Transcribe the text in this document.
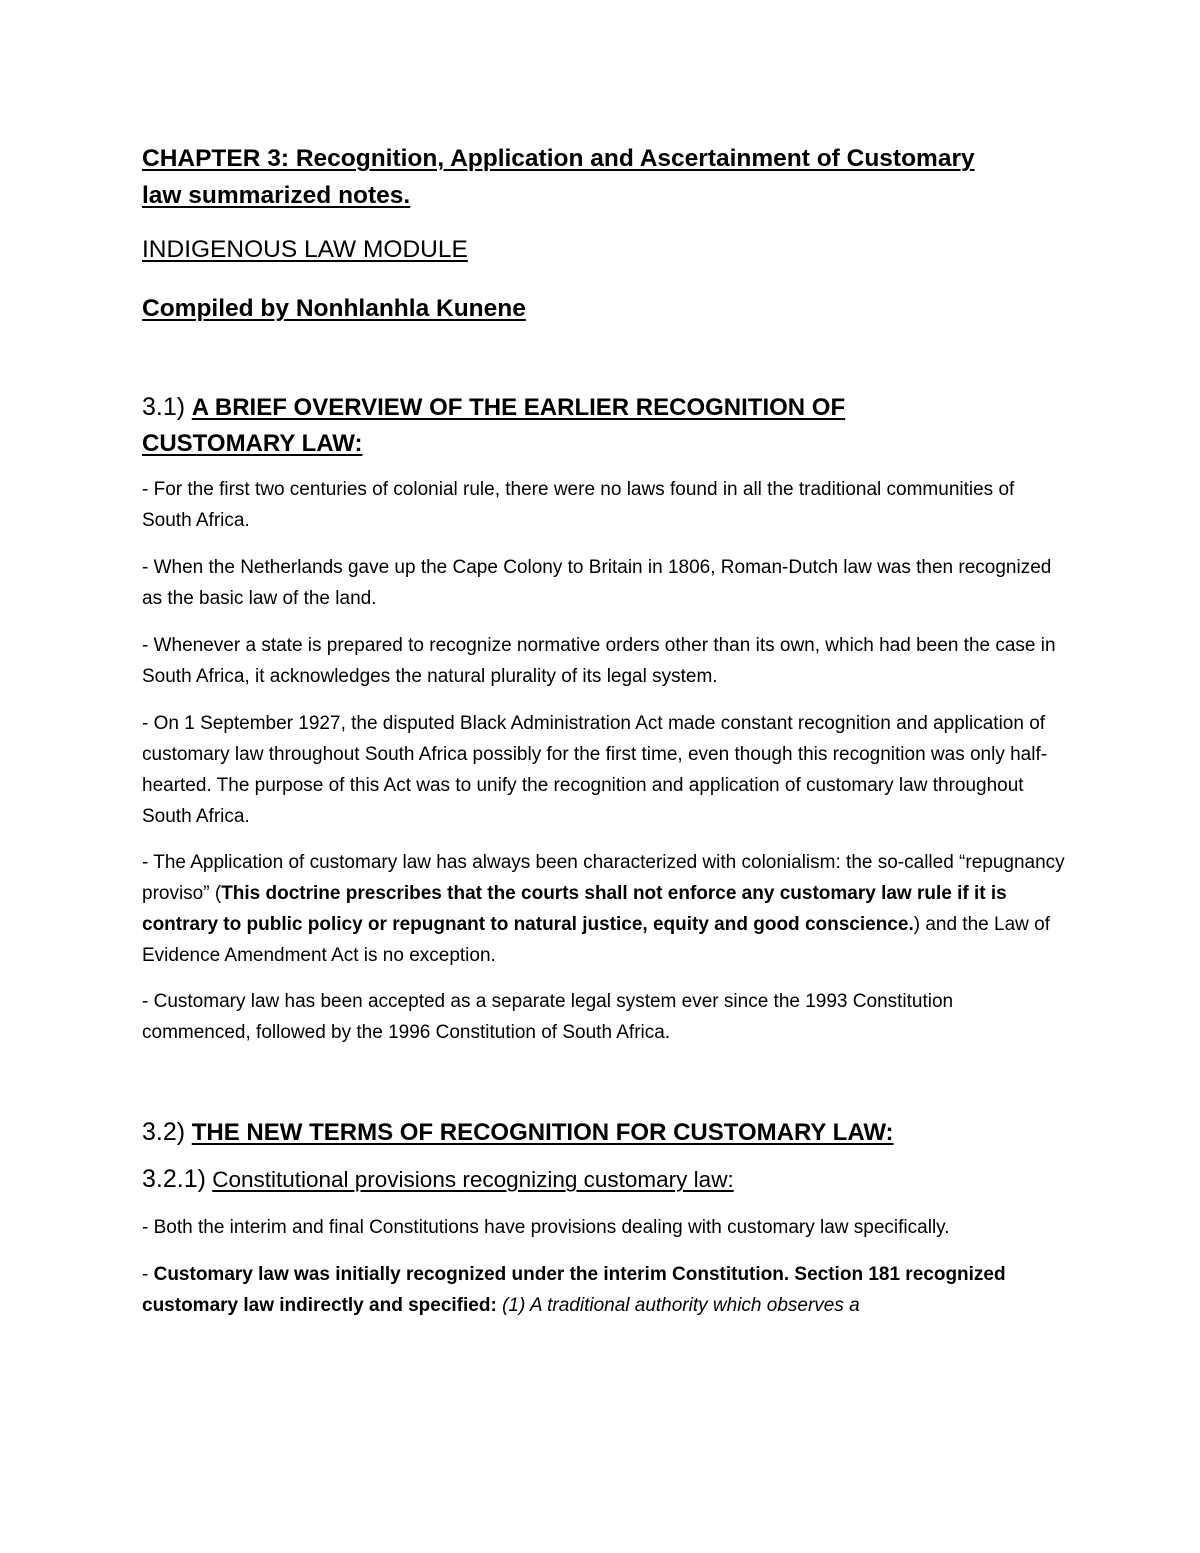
CHAPTER 3: Recognition, Application and Ascertainment of Customary
law summarized notes.

INDIGENOUS LAW MODULE

Compiled by Nonhlanhla Kunene

3.1) A BRIEF OVERVIEW OF THE EARLIER RECOGNITION OF CUSTOMARY LAW:

- For the first two centuries of colonial rule, there were no laws found in all the traditional communities of South Africa.

- When the Netherlands gave up the Cape Colony to Britain in 1806, Roman-Dutch law was then recognized as the basic law of the land.

- Whenever a state is prepared to recognize normative orders other than its own, which had been the case in South Africa, it acknowledges the natural plurality of its legal system.

- On 1 September 1927, the disputed Black Administration Act made constant recognition and application of customary law throughout South Africa possibly for the first time, even though this recognition was only half-hearted. The purpose of this Act was to unify the recognition and application of customary law throughout South Africa.

- The Application of customary law has always been characterized with colonialism: the so-called “repugnancy proviso” (This doctrine prescribes that the courts shall not enforce any customary law rule if it is contrary to public policy or repugnant to natural justice, equity and good conscience.) and the Law of Evidence Amendment Act is no exception.

- Customary law has been accepted as a separate legal system ever since the 1993 Constitution commenced, followed by the 1996 Constitution of South Africa.

3.2) THE NEW TERMS OF RECOGNITION FOR CUSTOMARY LAW:

3.2.1) Constitutional provisions recognizing customary law:

- Both the interim and final Constitutions have provisions dealing with customary law specifically.

- Customary law was initially recognized under the interim Constitution. Section 181 recognized customary law indirectly and specified: (1) A traditional authority which observes a
